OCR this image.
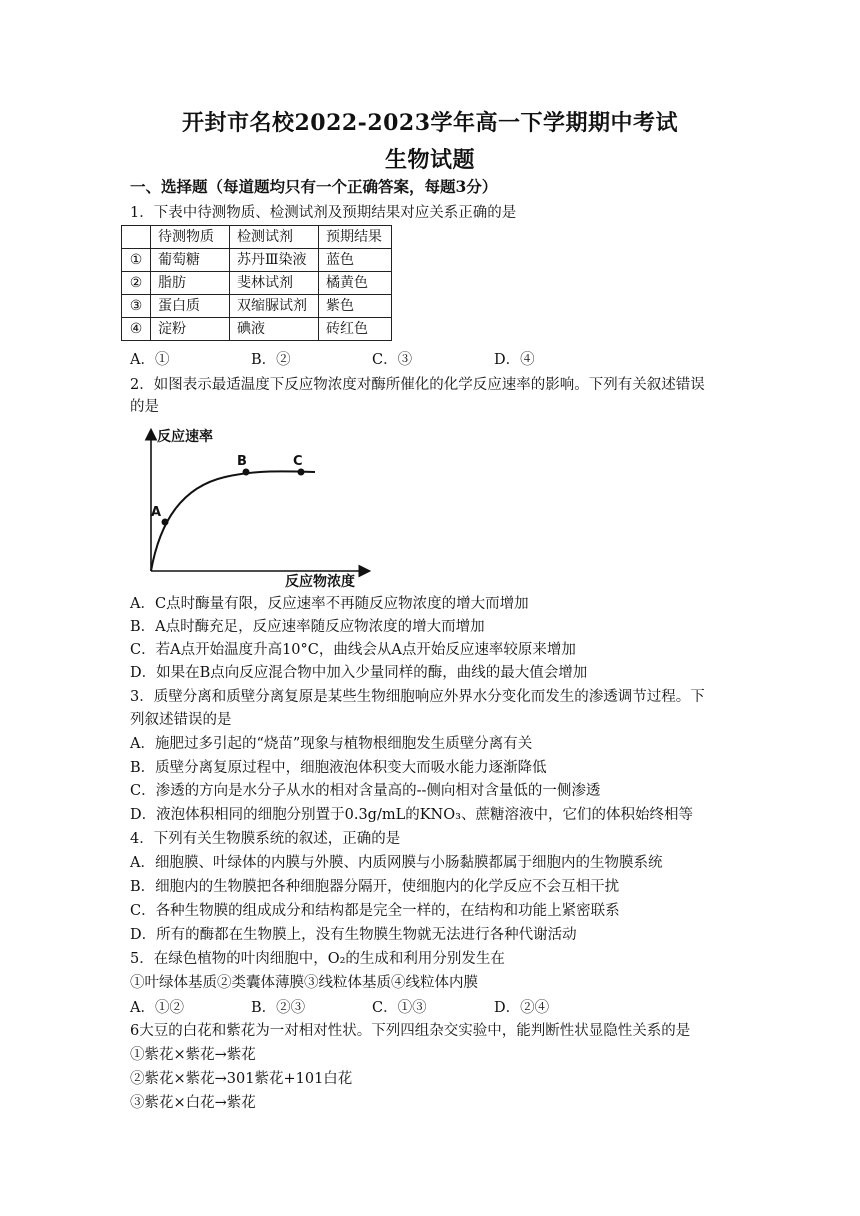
开封市名校2022-2023学年高一下学期期中考试
生物试题
一、选择题（每道题均只有一个正确答案，每题3分）
1．下表中待测物质、检测试剂及预期结果对应关系正确的是
	待测物质	检测试剂	预期结果
①	葡萄糖	苏丹Ⅲ染液	蓝色
②	脂肪	斐林试剂	橘黄色
③	蛋白质	双缩脲试剂	紫色
④	淀粉	碘液	砖红色
A．①	B．②	C．③	D．④
2．如图表示最适温度下反应物浓度对酶所催化的化学反应速率的影响。下列有关叙述错误
的是
A
B	C
反应速率
反应物浓度
A．C点时酶量有限，反应速率不再随反应物浓度的增大而增加
B．A点时酶充足，反应速率随反应物浓度的增大而增加
C．若A点开始温度升高10°C，曲线会从A点开始反应速率较原来增加
D．如果在B点向反应混合物中加入少量同样的酶，曲线的最大值会增加
3．质壁分离和质壁分离复原是某些生物细胞响应外界水分变化而发生的渗透调节过程。下
列叙述错误的是
A．施肥过多引起的“烧苗”现象与植物根细胞发生质壁分离有关
B．质壁分离复原过程中，细胞液泡体积变大而吸水能力逐渐降低
C．渗透的方向是水分子从水的相对含量高的--侧向相对含量低的一侧渗透
D．液泡体积相同的细胞分别置于0.3g/mL的KNO₃、蔗糖溶液中，它们的体积始终相等
4．下列有关生物膜系统的叙述，正确的是
A．细胞膜、叶绿体的内膜与外膜、内质网膜与小肠黏膜都属于细胞内的生物膜系统
B．细胞内的生物膜把各种细胞器分隔开，使细胞内的化学反应不会互相干扰
C．各种生物膜的组成成分和结构都是完全一样的，在结构和功能上紧密联系
D．所有的酶都在生物膜上，没有生物膜生物就无法进行各种代谢活动
5．在绿色植物的叶肉细胞中，O₂的生成和利用分别发生在
①叶绿体基质②类囊体薄膜③线粒体基质④线粒体内膜
A．①②	B．②③	C．①③	D．②④
6大豆的白花和紫花为一对相对性状。下列四组杂交实验中，能判断性状显隐性关系的是
①紫花×紫花→紫花
②紫花×紫花→301紫花+101白花
③紫花×白花→紫花
